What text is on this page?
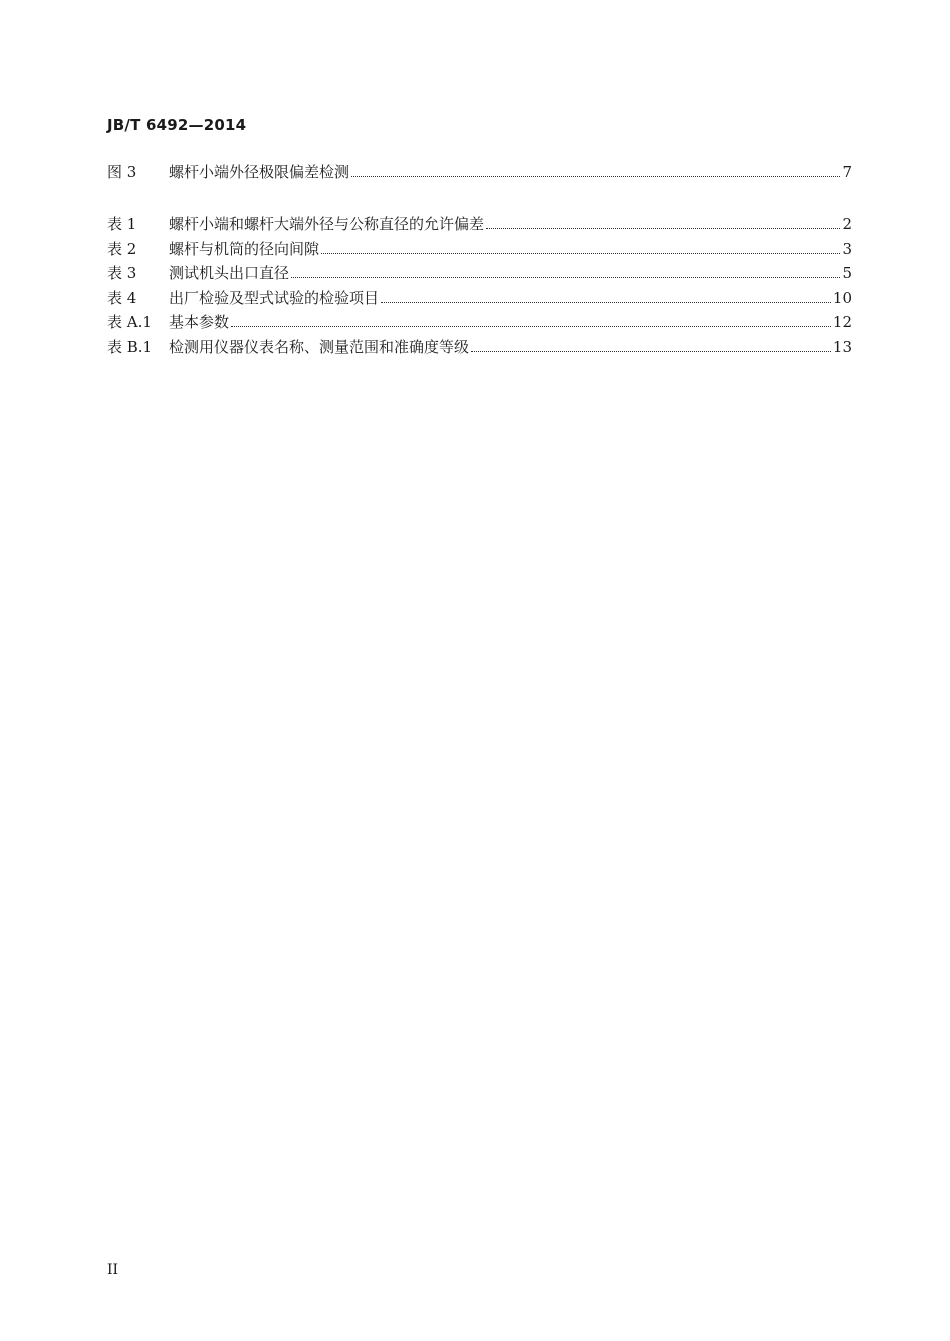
JB/T 6492—2014
图 3	螺杆小端外径极限偏差检测	7
表 1	螺杆小端和螺杆大端外径与公称直径的允许偏差	2
表 2	螺杆与机筒的径向间隙	3
表 3	测试机头出口直径	5
表 4	出厂检验及型式试验的检验项目	10
表 A.1	基本参数	12
表 B.1	检测用仪器仪表名称、测量范围和准确度等级	13
II
